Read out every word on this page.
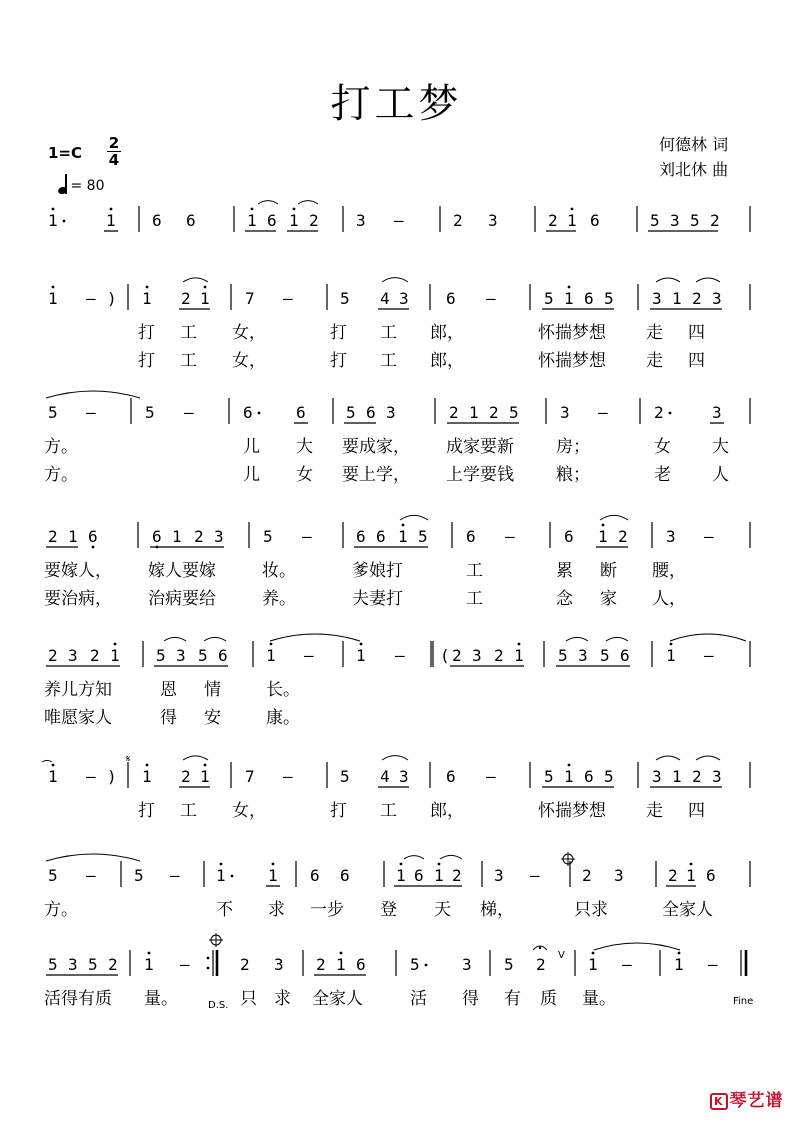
打工梦
何德林 词
刘北休 曲
$1=C \frac{2}{4}$
= 80
1	1 6 6	1 6 1 2 3 –	2 3	2 1 6	5 3 5 2
1 – ) 1 2 1 7 –	5 4 3 6 –	5 1 6 5 3 1 2 3
打 工 女，	打 工 郎，	怀揣梦想 走 四
打 工 女，	打 工 郎，	怀揣梦想 走 四
5 –	5 –	6	6	5 6 3	2 1 2 5	3 –	2	3
方。	儿 大 要成家， 成家要新 房；	女 大
方。	儿 女 要上学， 上学要钱 粮；	老 人
2 1 6	6 1 2 3 5 –	6 6 1 5 6 –	6 1 2 3 –
要嫁人， 嫁人要嫁	妆。	爹娘打	工	累 断 腰，
要治病， 治病要给	养。	夫妻打	工	念 家 人，
2 3 2 1 5 3 5 6 1 –	1 – ( 2 3 2 1 5 3 5 6 1 –
养儿方知	恩 情	长。
唯愿家人	得 安	康。
1 – ) 1 2 1 7 –	5 4 3 6 –	5 1 6 5 3 1 2 3
𝄋
打 工 女，	打 工 郎，	怀揣梦想 走 四
5 – 5 – 1	1 6 6	1 6 1 2 3 –	2 3	2 1 6
方。	不 求 一步 登 天 梯，	只求	全家人
5 3 5 2 1 –	2 3 2 1 6	5	3 5 2	1 –	1 –
V
D.S.	Fine
活得有质 量。	只 求 全家人	活 得 有 质 量。
K 琴艺谱
